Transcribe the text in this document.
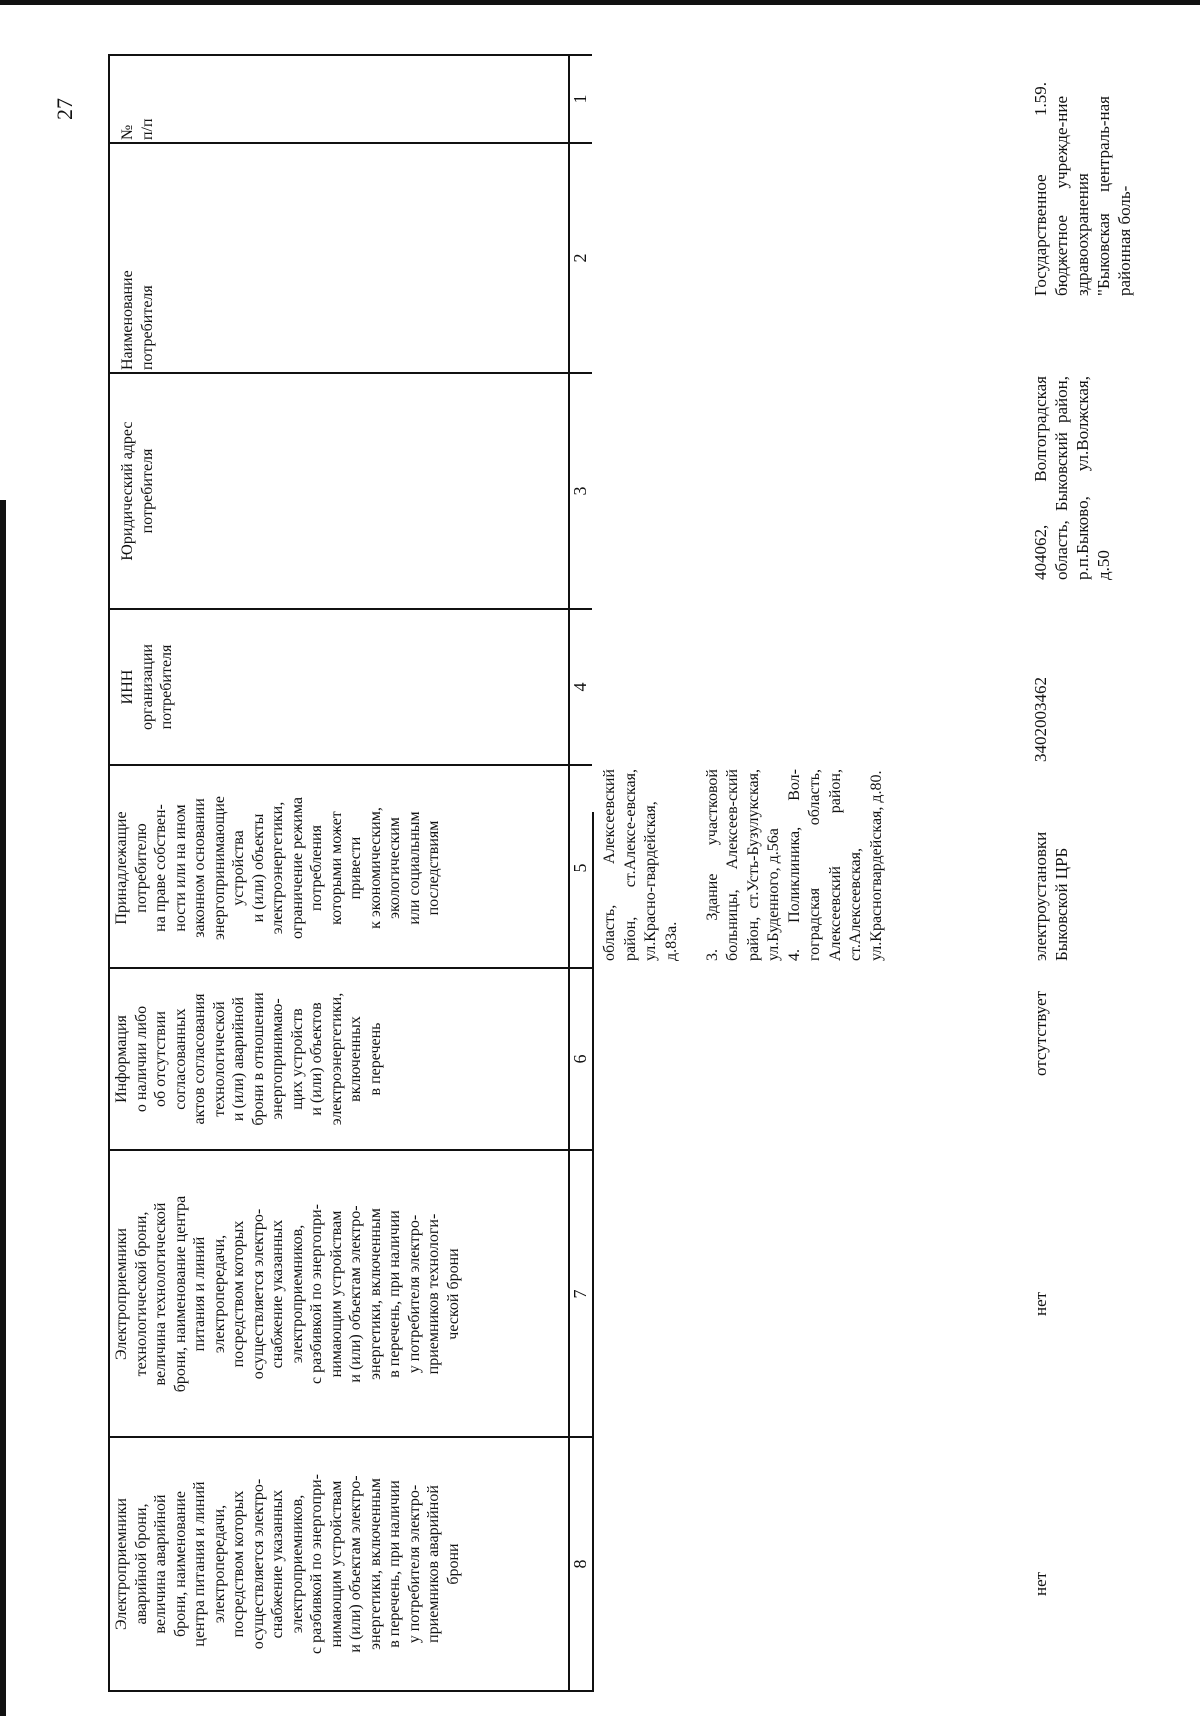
27
№
п/п
Наименование
потребителя
Юридический адрес
потребителя
ИНН
организации
потребителя
Принадлежащие
потребителю
на праве собствен-
ности или на ином
законном основании
энергопринимающие
устройства
и (или) объекты
электроэнергетики,
ограничение режима
потребления
которыми может
привести
к экономическим,
экологическим
или социальным
последствиям
Информация
о наличии либо
об отсутствии
согласованных
актов согласования
технологической
и (или) аварийной
брони в отношении
энергопринимаю-
щих устройств
и (или) объектов
электроэнергетики,
включенных
в перечень
Электроприемники
технологической брони,
величина технологической
брони, наименование центра
питания и линий
электропередачи,
посредством которых
осуществляется электро-
снабжение указанных
электроприемников,
с разбивкой по энергопри-
нимающим устройствам
и (или) объектам электро-
энергетики, включенным
в перечень, при наличии
у потребителя электро-
приемников технологи-
ческой брони
Электроприемники
аварийной брони,
величина аварийной
брони, наименование
центра питания и линий
электропередачи,
посредством которых
осуществляется электро-
снабжение указанных
электроприемников,
с разбивкой по энергопри-
нимающим устройствам
и (или) объектам электро-
энергетики, включенным
в перечень, при наличии
у потребителя электро-
приемников аварийной
брони
1
2
3
4
5
6
7
8
область, Алексеевский район, ст.Алексе-евская, ул.Красно-гвардейская, д.83а.

3. Здание участковой больницы, Алексеев-ский район, ст.Усть-Бузулукская, ул.Буденного, д.56а
4. Поликлиника, Вол-гоградская область, Алексеевский район, ст.Алексеевская, ул.Красногвардейская, д.80.
1.59.
Государственное бюджетное учрежде-ние здравоохранения "Быковская централь-ная районная боль-
404062, Волгоградская область, Быковский район, р.п.Быково, ул.Волжская, д.50
3402003462
электроустановки Быковской ЦРБ
отсутствует
нет
нет
